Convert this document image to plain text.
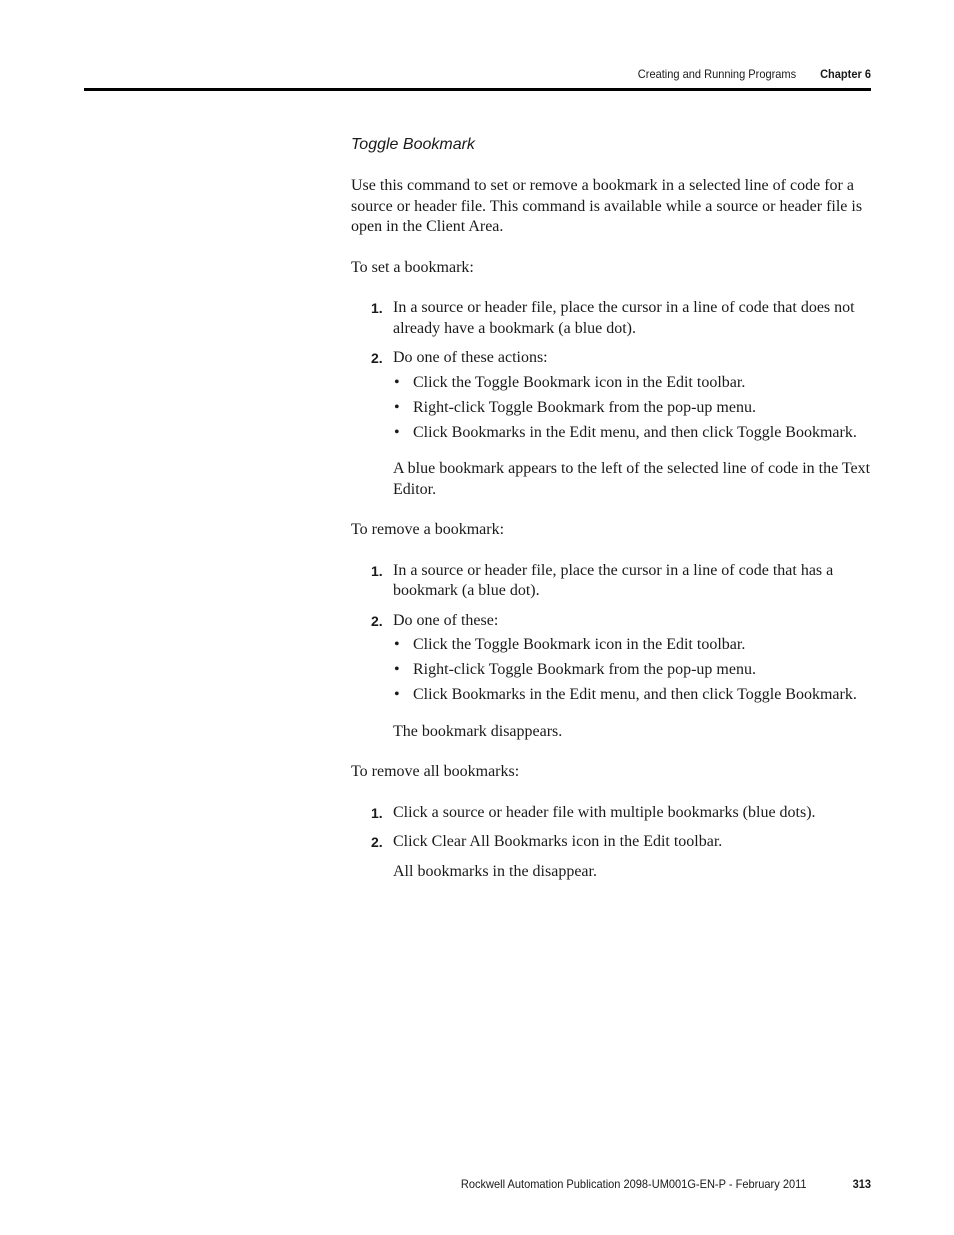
Creating and Running Programs Chapter 6
Toggle Bookmark

Use this command to set or remove a bookmark in a selected line of code for a source or header file. This command is available while a source or header file is open in the Client Area.

To set a bookmark:

1. In a source or header file, place the cursor in a line of code that does not already have a bookmark (a blue dot).
2. Do one of these actions:
• Click the Toggle Bookmark icon in the Edit toolbar.
• Right-click Toggle Bookmark from the pop-up menu.
• Click Bookmarks in the Edit menu, and then click Toggle Bookmark.

A blue bookmark appears to the left of the selected line of code in the Text Editor.

To remove a bookmark:

1. In a source or header file, place the cursor in a line of code that has a bookmark (a blue dot).
2. Do one of these:
• Click the Toggle Bookmark icon in the Edit toolbar.
• Right-click Toggle Bookmark from the pop-up menu.
• Click Bookmarks in the Edit menu, and then click Toggle Bookmark.

The bookmark disappears.

To remove all bookmarks:

1. Click a source or header file with multiple bookmarks (blue dots).
2. Click Clear All Bookmarks icon in the Edit toolbar.

All bookmarks in the disappear.

Rockwell Automation Publication 2098-UM001G-EN-P - February 2011	313
